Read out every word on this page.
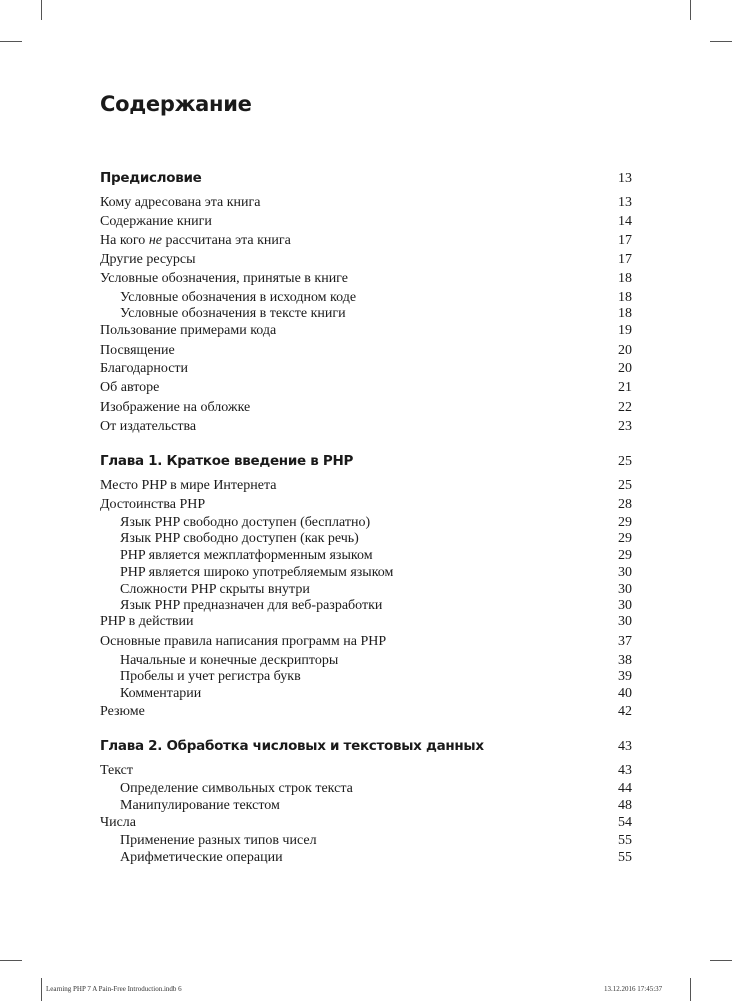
Содержание
Предисловие	13
Кому адресована эта книга	13
Содержание книги	14
На кого не рассчитана эта книга	17
Другие ресурсы	17
Условные обозначения, принятые в книге	18
Условные обозначения в исходном коде	18
Условные обозначения в тексте книги	18
Пользование примерами кода	19
Посвящение	20
Благодарности	20
Об авторе	21
Изображение на обложке	22
От издательства	23
Глава 1. Краткое введение в PHP	25
Место PHP в мире Интернета	25
Достоинства PHP	28
Язык PHP свободно доступен (бесплатно)	29
Язык PHP свободно доступен (как речь)	29
PHP является межплатформенным языком	29
PHP является широко употребляемым языком	30
Сложности PHP скрыты внутри	30
Язык PHP предназначен для веб-разработки	30
PHP в действии	30
Основные правила написания программ на PHP	37
Начальные и конечные дескрипторы	38
Пробелы и учет регистра букв	39
Комментарии	40
Резюме	42
Глава 2. Обработка числовых и текстовых данных	43
Текст	43
Определение символьных строк текста	44
Манипулирование текстом	48
Числа	54
Применение разных типов чисел	55
Арифметические операции	55
Learning PHP 7 A Pain-Free Introduction.indb 6	13.12.2016 17:45:37
